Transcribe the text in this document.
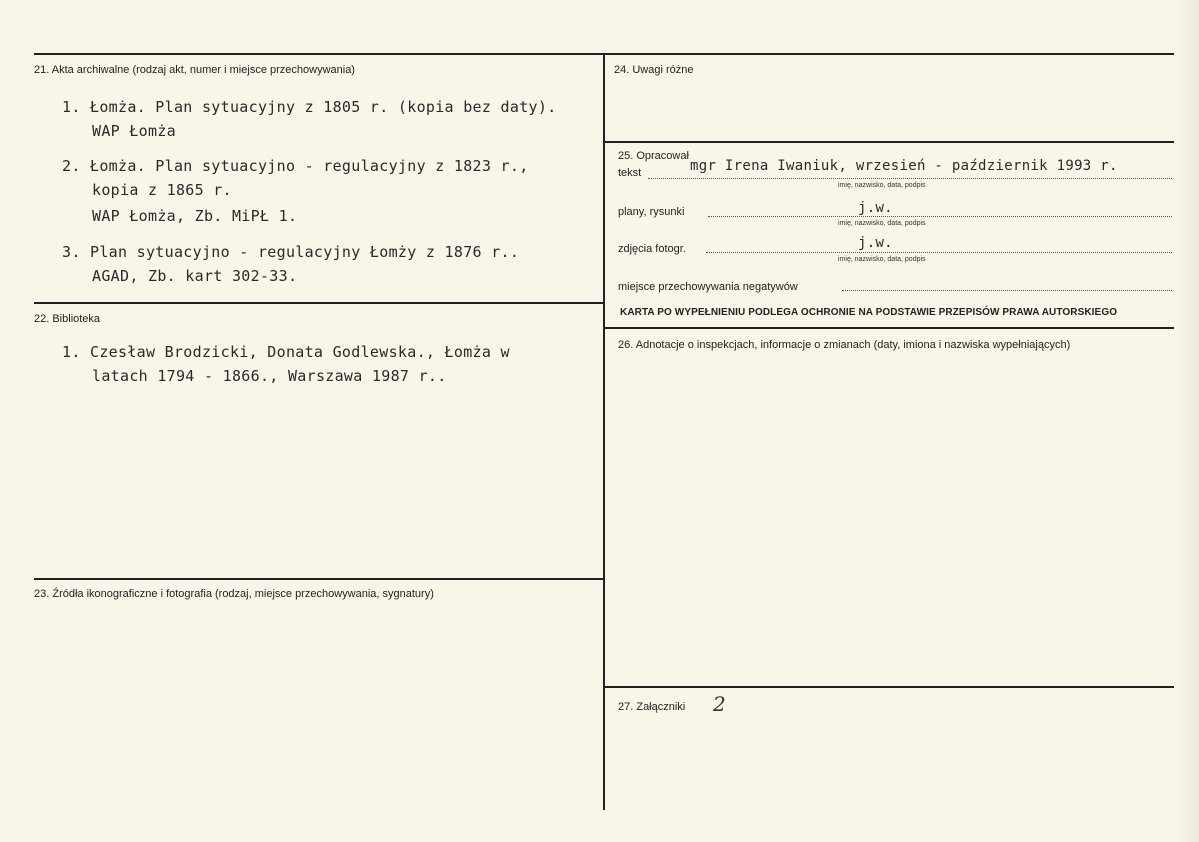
21. Akta archiwalne (rodzaj akt, numer i miejsce przechowywania)
1. Łomża. Plan sytuacyjny z 1805 r. (kopia bez daty).
WAP Łomża
2. Łomża. Plan sytuacyjno - regulacyjny z 1823 r.,
kopia z 1865 r.
WAP Łomża, Zb. MiPŁ 1.
3. Plan sytuacyjno - regulacyjny Łomży z 1876 r..
AGAD, Zb. kart 302-33.
22. Biblioteka
1. Czesław Brodzicki, Donata Godlewska., Łomża w
latach 1794 - 1866., Warszawa 1987 r..
23. Źródła ikonograficzne i fotografia (rodzaj, miejsce przechowywania, sygnatury)
24. Uwagi różne
25. Opracował
tekst	mgr Irena Iwaniuk, wrzesień - październik 1993 r.
imię, nazwisko, data, podpis
plany, rysunki	j.w.
imię, nazwisko, data, podpis
zdjęcia fotogr.	j.w.
imię, nazwisko, data, podpis
miejsce przechowywania negatywów
KARTA PO WYPEŁNIENIU PODLEGA OCHRONIE NA PODSTAWIE PRZEPISÓW PRAWA AUTORSKIEGO
26. Adnotacje o inspekcjach, informacje o zmianach (daty, imiona i nazwiska wypełniających)
27. Załączniki 2
